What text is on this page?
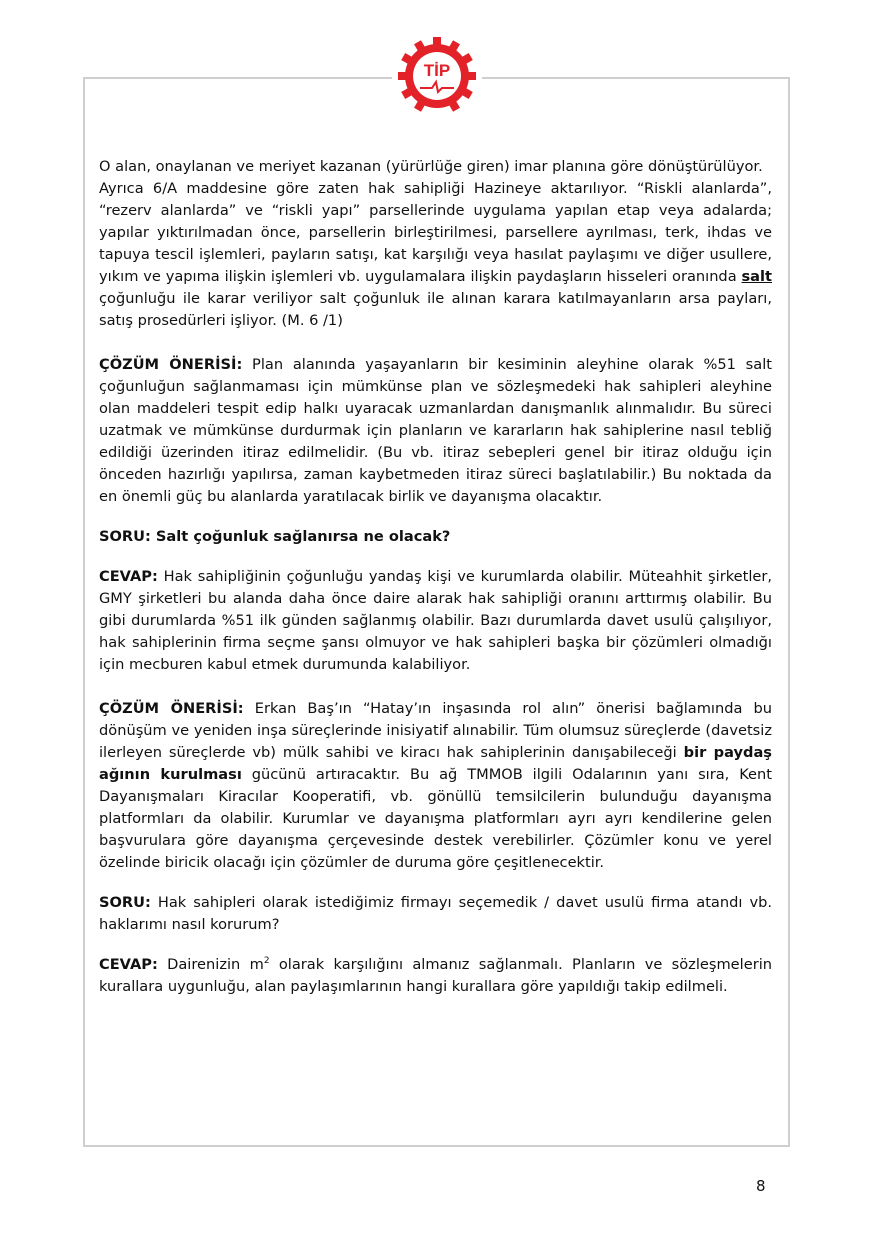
TİP

O alan, onaylanan ve meriyet kazanan (yürürlüğe giren) imar planına göre dönüştürülüyor.

Ayrıca 6/A maddesine göre zaten hak sahipliği Hazineye aktarılıyor. “Riskli alanlarda”, “rezerv alanlarda” ve “riskli yapı” parsellerinde uygulama yapılan etap veya adalarda; yapılar yıktırılmadan önce, parsellerin birleştirilmesi, parsellere ayrılması, terk, ihdas ve tapuya tescil işlemleri, payların satışı, kat karşılığı veya hasılat paylaşımı ve diğer usullere, yıkım ve yapıma ilişkin işlemleri vb. uygulamalara ilişkin paydaşların hisseleri oranında salt çoğunluğu ile karar veriliyor salt çoğunluk ile alınan karara katılmayanların arsa payları, satış prosedürleri işliyor. (M. 6 /1)

ÇÖZÜM ÖNERİSİ: Plan alanında yaşayanların bir kesiminin aleyhine olarak %51 salt çoğunluğun sağlanmaması için mümkünse plan ve sözleşmedeki hak sahipleri aleyhine olan maddeleri tespit edip halkı uyaracak uzmanlardan danışmanlık alınmalıdır. Bu süreci uzatmak ve mümkünse durdurmak için planların ve kararların hak sahiplerine nasıl tebliğ edildiği üzerinden itiraz edilmelidir. (Bu vb. itiraz sebepleri genel bir itiraz olduğu için önceden hazırlığı yapılırsa, zaman kaybetmeden itiraz süreci başlatılabilir.) Bu noktada da en önemli güç bu alanlarda yaratılacak birlik ve dayanışma olacaktır.

SORU: Salt çoğunluk sağlanırsa ne olacak?

CEVAP: Hak sahipliğinin çoğunluğu yandaş kişi ve kurumlarda olabilir. Müteahhit şirketler, GMY şirketleri bu alanda daha önce daire alarak hak sahipliği oranını arttırmış olabilir. Bu gibi durumlarda %51 ilk günden sağlanmış olabilir. Bazı durumlarda davet usulü çalışılıyor, hak sahiplerinin firma seçme şansı olmuyor ve hak sahipleri başka bir çözümleri olmadığı için mecburen kabul etmek durumunda kalabiliyor.

ÇÖZÜM ÖNERİSİ: Erkan Baş’ın “Hatay’ın inşasında rol alın” önerisi bağlamında bu dönüşüm ve yeniden inşa süreçlerinde inisiyatif alınabilir. Tüm olumsuz süreçlerde (davetsiz ilerleyen süreçlerde vb) mülk sahibi ve kiracı hak sahiplerinin danışabileceği bir paydaş ağının kurulması gücünü artıracaktır. Bu ağ TMMOB ilgili Odalarının yanı sıra, Kent Dayanışmaları Kiracılar Kooperatifi, vb. gönüllü temsilcilerin bulunduğu dayanışma platformları da olabilir. Kurumlar ve dayanışma platformları ayrı ayrı kendilerine gelen başvurulara göre dayanışma çerçevesinde destek verebilirler. Çözümler konu ve yerel özelinde biricik olacağı için çözümler de duruma göre çeşitlenecektir.

SORU: Hak sahipleri olarak istediğimiz firmayı seçemedik / davet usulü firma atandı vb. haklarımı nasıl korurum?

CEVAP: Dairenizin $m^2$ olarak karşılığını almanız sağlanmalı. Planların ve sözleşmelerin kurallara uygunluğu, alan paylaşımlarının hangi kurallara göre yapıldığı takip edilmeli.

8
